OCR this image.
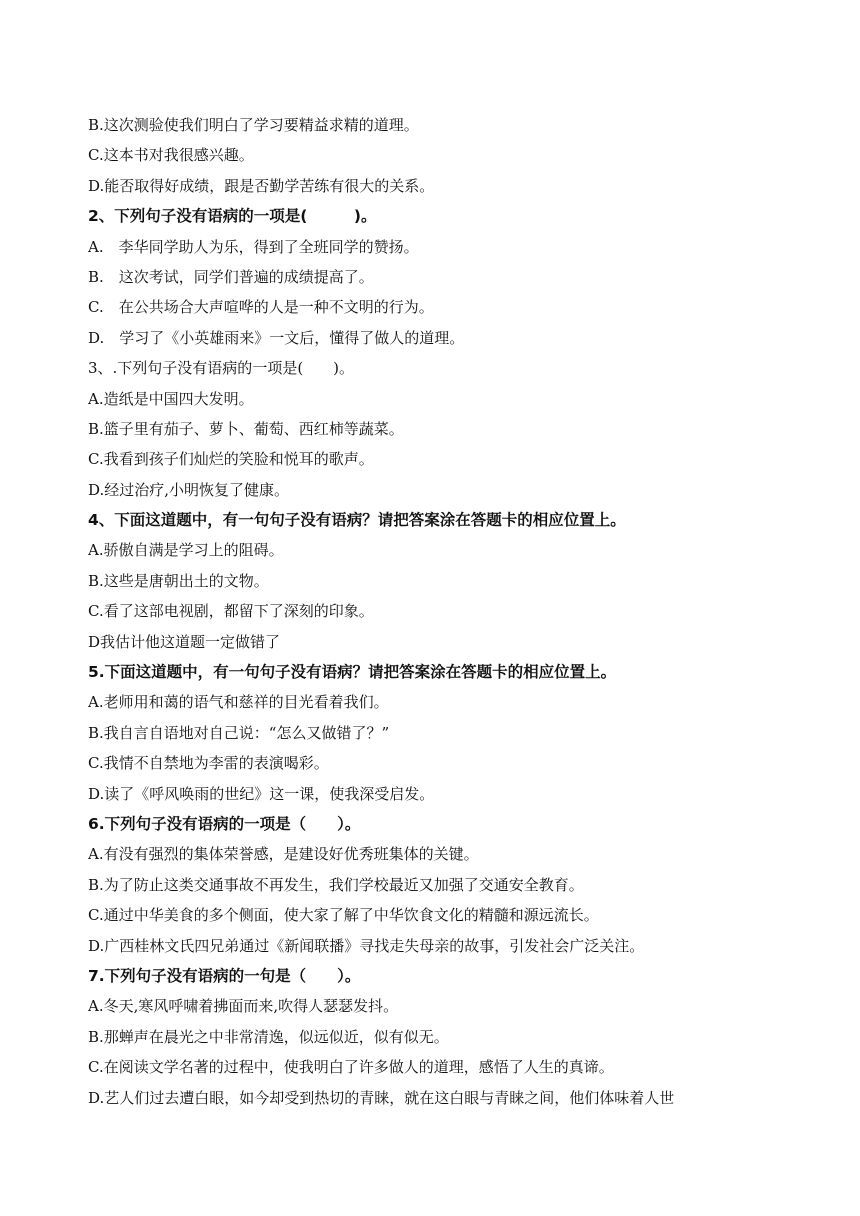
B.这次测验使我们明白了学习要精益求精的道理。
C.这本书对我很感兴趣。
D.能否取得好成绩，跟是否勤学苦练有很大的关系。
2、下列句子没有语病的一项是(　　　)。
A.　李华同学助人为乐，得到了全班同学的赞扬。
B.　这次考试，同学们普遍的成绩提高了。
C.　在公共场合大声喧哗的人是一种不文明的行为。
D.　学习了《小英雄雨来》一文后，懂得了做人的道理。
3、.下列句子没有语病的一项是(　　)。
A.造纸是中国四大发明。
B.篮子里有茄子、萝卜、葡萄、西红柿等蔬菜。
C.我看到孩子们灿烂的笑脸和悦耳的歌声。
D.经过治疗,小明恢复了健康。
4、下面这道题中，有一句句子没有语病？请把答案涂在答题卡的相应位置上。
A.骄傲自满是学习上的阻碍。
B.这些是唐朝出土的文物。
C.看了这部电视剧，都留下了深刻的印象。
D我估计他这道题一定做错了
5.下面这道题中，有一句句子没有语病？请把答案涂在答题卡的相应位置上。
A.老师用和蔼的语气和慈祥的目光看着我们。
B.我自言自语地对自己说：“怎么又做错了？”
C.我情不自禁地为李雷的表演喝彩。
D.读了《呼风唤雨的世纪》这一课，使我深受启发。
6.下列句子没有语病的一项是（　　）。
A.有没有强烈的集体荣誉感，是建设好优秀班集体的关键。
B.为了防止这类交通事故不再发生，我们学校最近又加强了交通安全教育。
C.通过中华美食的多个侧面，使大家了解了中华饮食文化的精髓和源远流长。
D.广西桂林文氏四兄弟通过《新闻联播》寻找走失母亲的故事，引发社会广泛关注。
7.下列句子没有语病的一句是（　　）。
A.冬天,寒风呼啸着拂面而来,吹得人瑟瑟发抖。
B.那蝉声在晨光之中非常清逸，似远似近，似有似无。
C.在阅读文学名著的过程中，使我明白了许多做人的道理，感悟了人生的真谛。
D.艺人们过去遭白眼，如今却受到热切的青睐，就在这白眼与青睐之间，他们体味着人世
